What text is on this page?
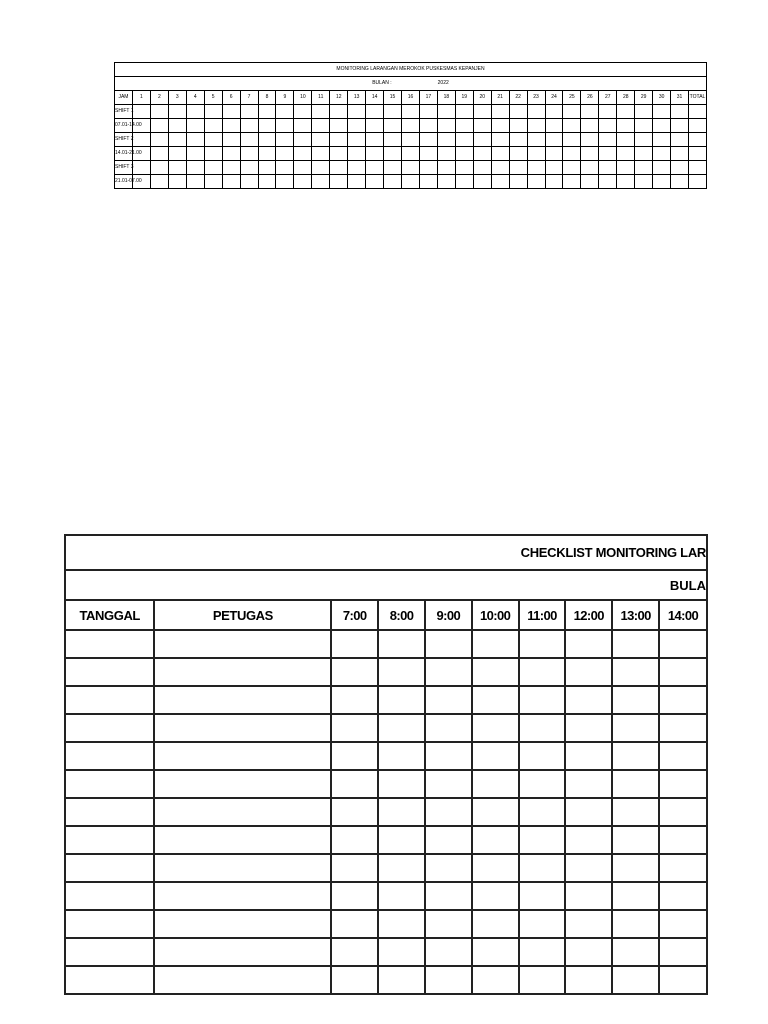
MONITORING LARANGAN MEROKOK PUSKESMAS KEPANJEN																																
BULAN : 2022																																
JAM	1	2	3	4	5	6	7	8	9	10	11	12	13	14	15	16	17	18	19	20	21	22	23	24	25	26	27	28	29	30	31	TOTAL
SHIFT 1																																
07.01-14.00																																
SHIFT 2																																
14.01-21.00																																
SHIFT 3																																
21.01-07.00																																
CHECKLIST MONITORING LAR									
BULA									
TANGGAL	PETUGAS	7:00	8:00	9:00	10:00	11:00	12:00	13:00	14:00
